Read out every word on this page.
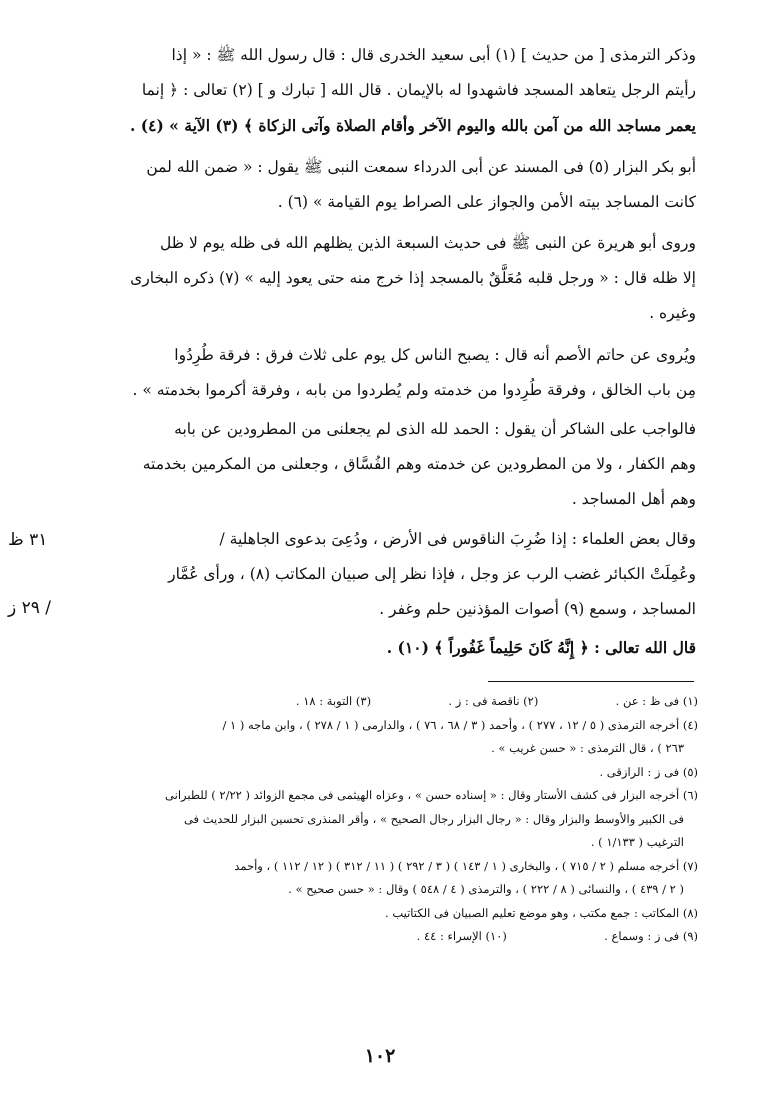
وذكر الترمذى [ من حديث ] (١) أبى سعيد الخدرى قال : قال رسول الله ﷺ : « إذا

رأيتم الرجل يتعاهد المسجد فاشهدوا له بالإيمان . قال الله [ تبارك و ] (٢) تعالى : ﴿ إنما

يعمر مساجد الله من آمن بالله واليوم الآخر وأقام الصلاة وآتى الزكاة ﴾ (٣) الآية » (٤) .

أبو بكر البزار (٥) فى المسند عن أبى الدرداء سمعت النبى ﷺ يقول : « ضمن الله لمن

كانت المساجد بيته الأمن والجواز على الصراط يوم القيامة » (٦) .

وروى أبو هريرة عن النبى ﷺ فى حديث السبعة الذين يظلهم الله فى ظله يوم لا ظل

إلا ظله قال : « ورجل قلبه مُعَلَّقٌ بالمسجد إذا خرج منه حتى يعود إليه » (٧) ذكره البخارى

وغيره .

ويُروى عن حاتم الأصم أنه قال : يصبح الناس كل يوم على ثلاث فرق : فرقة طُرِدُوا

مِن باب الخالق ، وفرقة طُرِدوا من خدمته ولم يُطردوا من بابه ، وفرقة أكرموا بخدمته » .

فالواجب على الشاكر أن يقول : الحمد لله الذى لم يجعلنى من المطرودين عن بابه

وهم الكفار ، ولا من المطرودين عن خدمته وهم الفُسَّاق ، وجعلنى من المكرمين بخدمته

وهم أهل المساجد .

وقال بعض العلماء : إذا ضُرِبَ الناقوس فى الأرض ، ودُعِىَ بدعوى الجاهلية /

وعُمِلَتْ الكبائر غضب الرب عز وجل ، فإذا نظر إلى صبيان المكاتب (٨) ، ورأى عُمَّار

المساجد ، وسمع (٩) أصوات المؤذنين حلم وغفر .

قال الله تعالى : ﴿ إِنَّهُ كَانَ حَلِيماً غَفُوراً ﴾ (١٠) .

٣١ ظ
٢٩ ز /
(١) فى ظ : عن .  (٢) ناقصة فى : ز .  (٣) التوبة : ١٨ .
(٤) أخرجه الترمذى ( ٥ / ١٢ ، ٢٧٧ ) ، وأحمد ( ٣ / ٦٨ ، ٧٦ ) ، والدارمى ( ١ / ٢٧٨ ) ، وابن ماجه ( ١ /
٢٦٣ ) ، قال الترمذى : « حسن غريب » .
(٥) فى ز : الرازقى .
(٦) أخرجه البزار فى كشف الأستار وقال : « إسناده حسن » ، وعزاه الهيثمى فى مجمع الزوائد ( ٢/٢٢ ) للطبرانى
فى الكبير والأوسط والبزار وقال : « رجال البزار رجال الصحيح » ، وأقر المنذرى تحسين البزار للحديث فى
الترغيب ( ١/١٣٣ ) .
(٧) أخرجه مسلم ( ٢ / ٧١٥ ) ، والبخارى ( ١ / ١٤٣ ) ( ٣ / ٢٩٢ ) ( ١١ / ٣١٢ ) ( ١٢ / ١١٢ ) ، وأحمد
( ٢ / ٤٣٩ ) ، والنسائى ( ٨ / ٢٢٢ ) ، والترمذى ( ٤ / ٥٤٨ ) وقال : « حسن صحيح » .
(٨) المكاتب : جمع مكتب ، وهو موضع تعليم الصبيان فى الكتاتيب .
(٩) فى ز : وسماع .  (١٠) الإسراء : ٤٤ .
١٠٢
